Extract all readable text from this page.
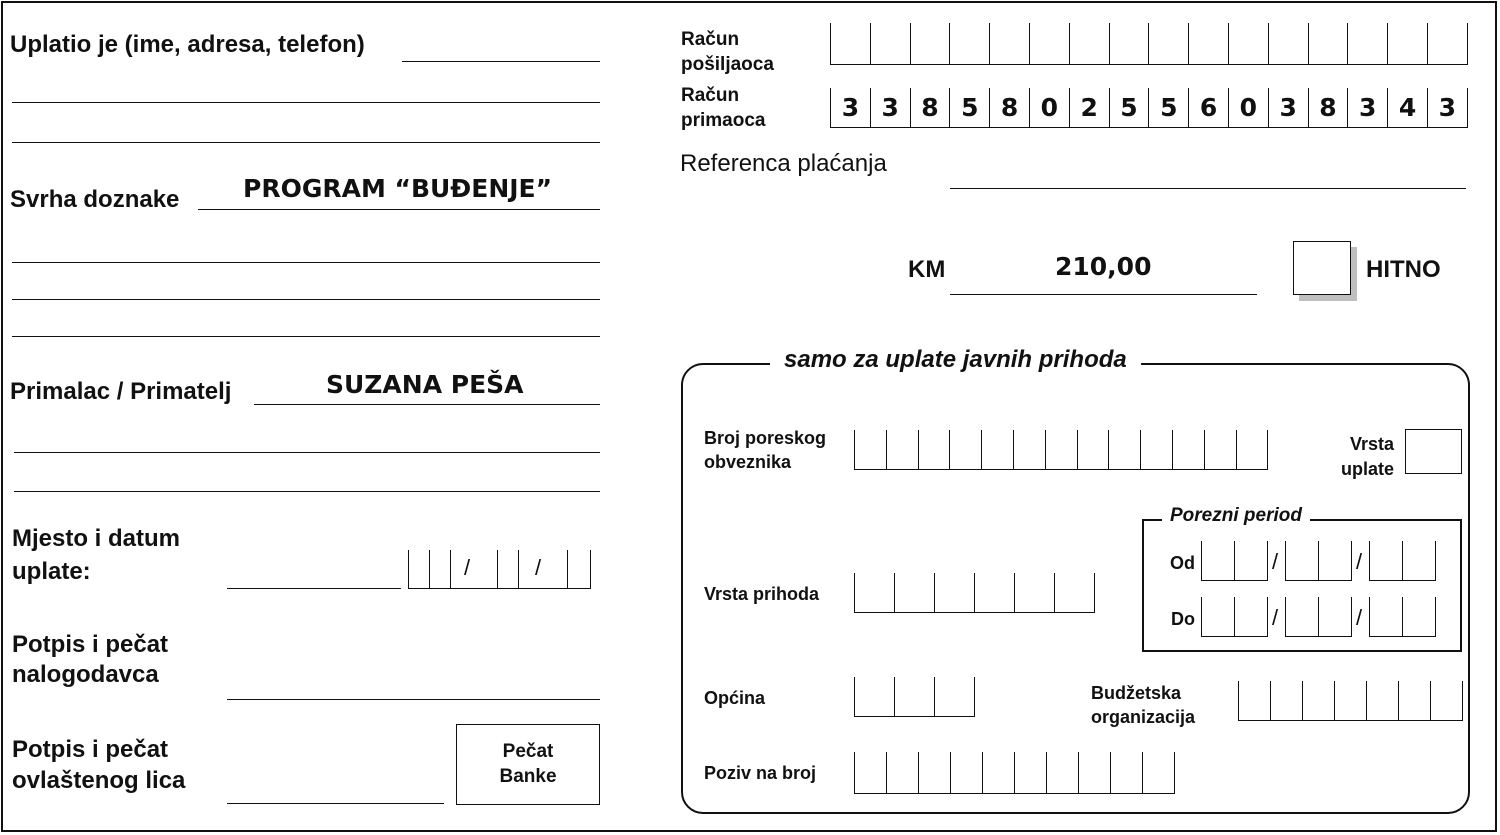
Uplatio je (ime, adresa, telefon)
Svrha doznake	PROGRAM “BUĐENJE”
Primalac / Primatelj	SUZANA PEŠA
Mjesto i datum
uplate:	/	/
Potpis i pečat
nalogodavca
Potpis i pečat
ovlaštenog lica
Pečat
Banke
Račun
pošiljaoca
Račun
primaoca	3 3 8 5 8 0 2 5 5 6 0 3 8 3 4 3
Referenca plaćanja
KM	210,00	HITNO
samo za uplate javnih prihoda
Broj poreskog
obveznika
Vrsta
uplate
Porezni period
Od	/	/
Do	/	/
Vrsta prihoda
Općina	Budžetska
organizacija
Poziv na broj
